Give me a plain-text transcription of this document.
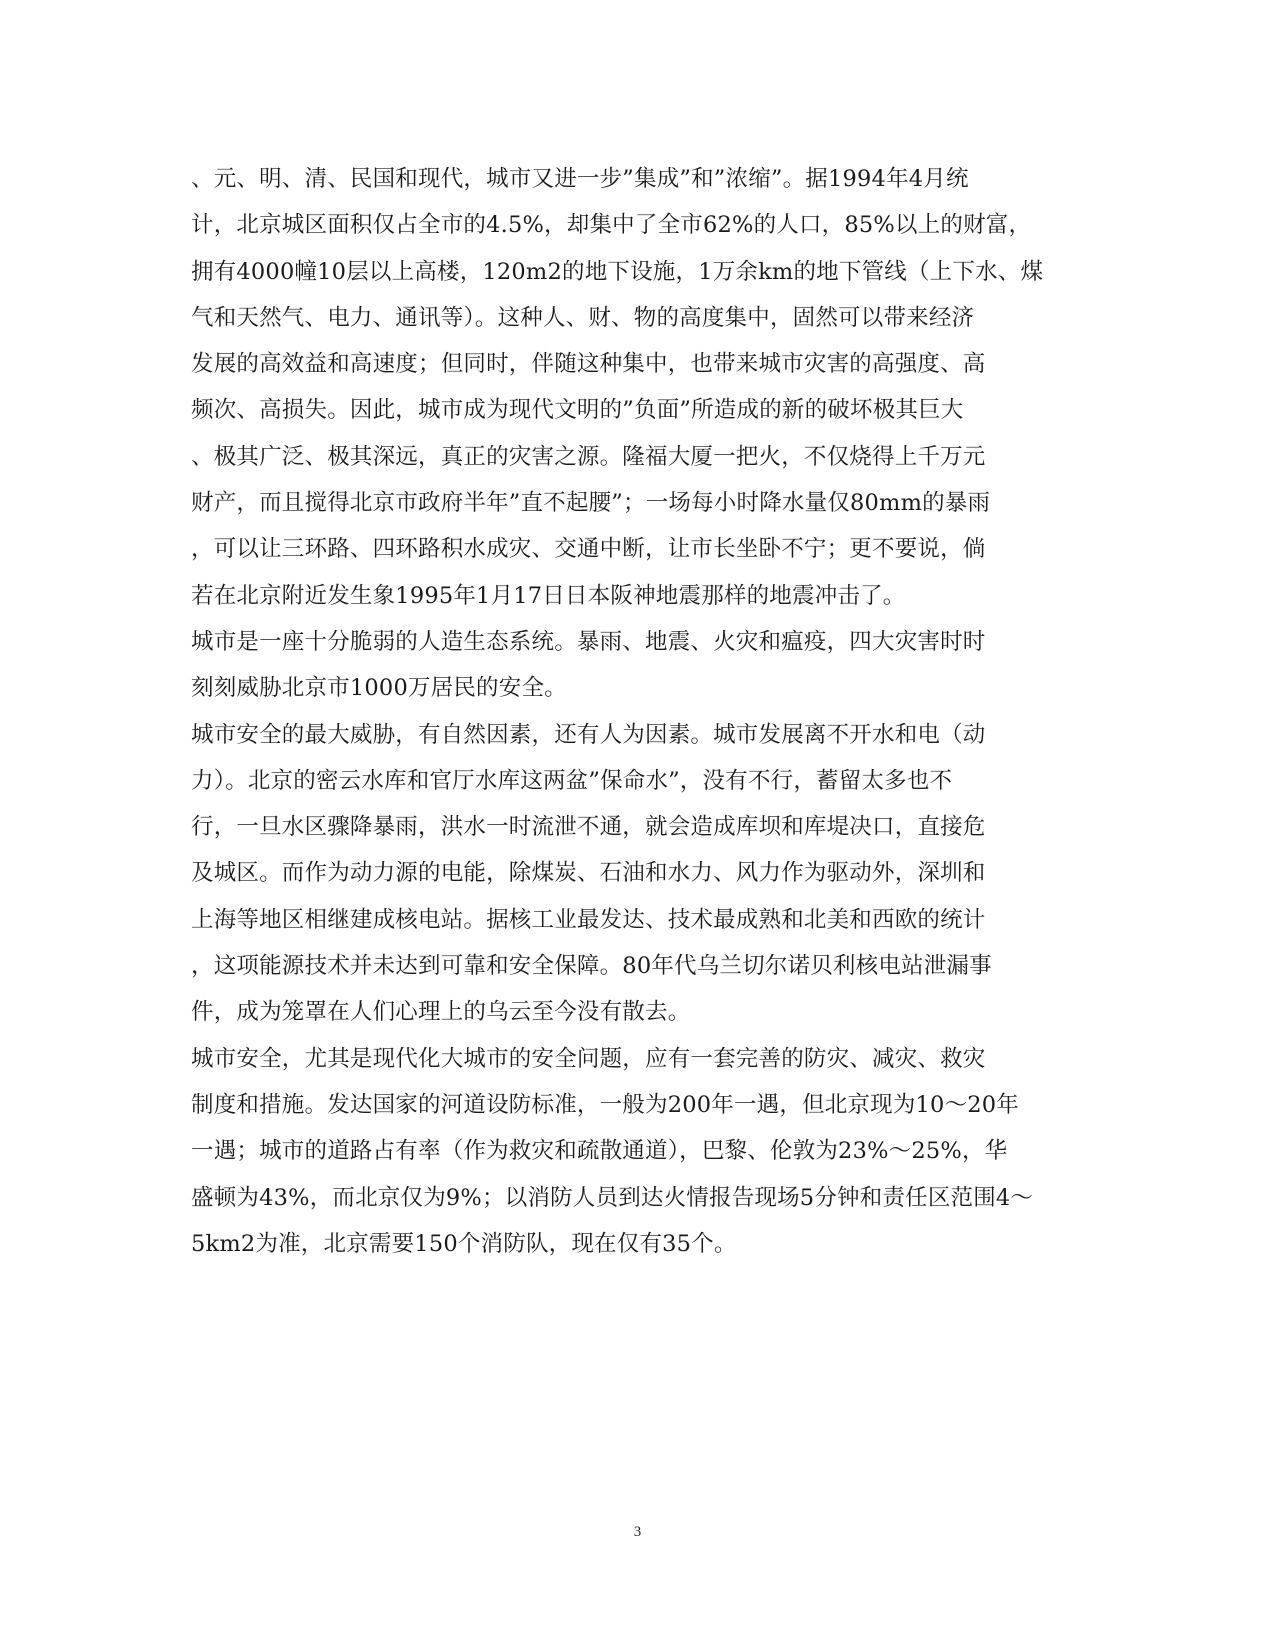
、元、明、清、民国和现代，城市又进一步”集成”和”浓缩”。据1994年4月统
计，北京城区面积仅占全市的4.5%，却集中了全市62%的人口，85%以上的财富，
拥有4000幢10层以上高楼，120m2的地下设施，1万余km的地下管线（上下水、煤
气和天然气、电力、通讯等）。这种人、财、物的高度集中，固然可以带来经济
发展的高效益和高速度；但同时，伴随这种集中，也带来城市灾害的高强度、高
频次、高损失。因此，城市成为现代文明的”负面”所造成的新的破坏极其巨大
、极其广泛、极其深远，真正的灾害之源。隆福大厦一把火，不仅烧得上千万元
财产，而且搅得北京市政府半年”直不起腰”；一场每小时降水量仅80mm的暴雨
，可以让三环路、四环路积水成灾、交通中断，让市长坐卧不宁；更不要说，倘
若在北京附近发生象1995年1月17日日本阪神地震那样的地震冲击了。
城市是一座十分脆弱的人造生态系统。暴雨、地震、火灾和瘟疫，四大灾害时时
刻刻威胁北京市1000万居民的安全。
城市安全的最大威胁，有自然因素，还有人为因素。城市发展离不开水和电（动
力）。北京的密云水库和官厅水库这两盆”保命水”，没有不行，蓄留太多也不
行，一旦水区骤降暴雨，洪水一时流泄不通，就会造成库坝和库堤决口，直接危
及城区。而作为动力源的电能，除煤炭、石油和水力、风力作为驱动外，深圳和
上海等地区相继建成核电站。据核工业最发达、技术最成熟和北美和西欧的统计
，这项能源技术并未达到可靠和安全保障。80年代乌兰切尔诺贝利核电站泄漏事
件，成为笼罩在人们心理上的乌云至今没有散去。
城市安全，尤其是现代化大城市的安全问题，应有一套完善的防灾、减灾、救灾
制度和措施。发达国家的河道设防标准，一般为200年一遇，但北京现为10～20年
一遇；城市的道路占有率（作为救灾和疏散通道），巴黎、伦敦为23%～25%，华
盛顿为43%，而北京仅为9%；以消防人员到达火情报告现场5分钟和责任区范围4～
5km2为准，北京需要150个消防队，现在仅有35个。
3
